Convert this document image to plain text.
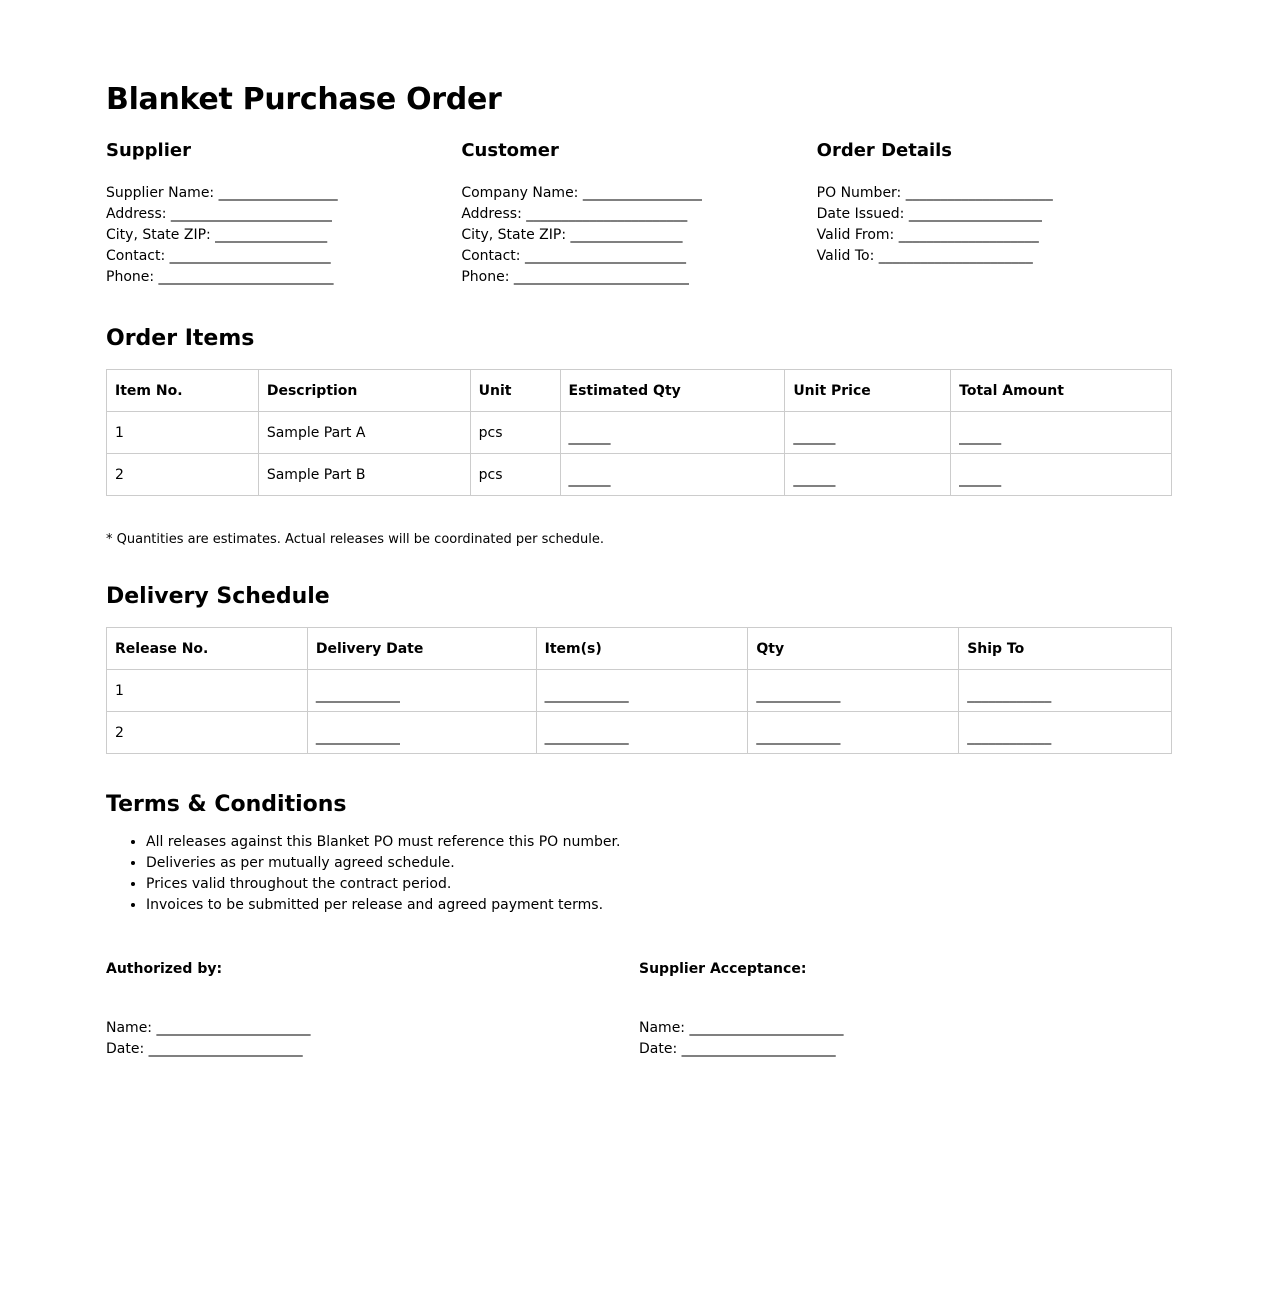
Blanket Purchase Order
Supplier
Supplier Name: _________________
Address: _______________________
City, State ZIP: ________________
Contact: _______________________
Phone: _________________________
Customer
Company Name: _________________
Address: _______________________
City, State ZIP: ________________
Contact: _______________________
Phone: _________________________
Order Details
PO Number: _____________________
Date Issued: ___________________
Valid From: ____________________
Valid To: ______________________
Order Items
Item No.	Description	Unit	Estimated Qty	Unit Price	Total Amount
1	Sample Part A	pcs	______	______	______
2	Sample Part B	pcs	______	______	______
* Quantities are estimates. Actual releases will be coordinated per schedule.
Delivery Schedule
Release No.	Delivery Date	Item(s)	Qty	Ship To
1	____________	____________	____________	____________
2	____________	____________	____________	____________
Terms & Conditions
• All releases against this Blanket PO must reference this PO number.
• Deliveries as per mutually agreed schedule.
• Prices valid throughout the contract period.
• Invoices to be submitted per release and agreed payment terms.
Authorized by:
Name: ______________________
Date: ______________________
Supplier Acceptance:
Name: ______________________
Date: ______________________
